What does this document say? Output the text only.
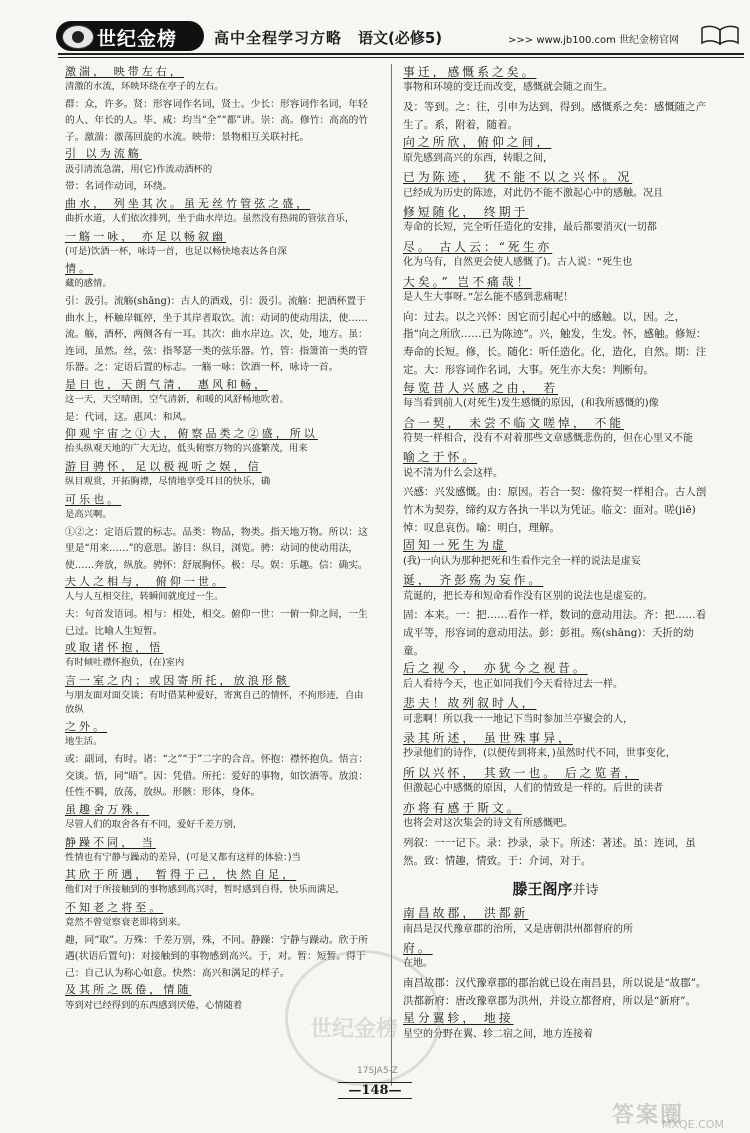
世纪金榜 高中全程学习方略 语文(必修5)	>>> www.jb100.com 世纪金榜官网

激湍， 映带左右，

清激的水流，环映环绕在亭子的左右。

群：众，许多。贤：形容词作名词，贤士。少长：形容词作名词，年轻的人、年长的人。毕、咸：均当“全”“都”讲。崇：高。修竹：高高的竹子。激湍：激荡回旋的水流。映带：景物相互关联衬托。

引 以为流觞

汲引清流急湍，用(它)作流动酒杯的

带：名词作动词，环绕。

曲水， 列坐其次。虽无丝竹管弦之盛，

曲折水道，人们依次排列，坐于曲水岸边。虽然没有热闹的管弦音乐，

一觞一咏， 亦足以畅叙幽

(可是)饮酒一杯，咏诗一首，也足以畅快地表达各自深

情。

藏的感情。

引：汲引。流觞(shāng)：古人的酒戏，引：汲引。流觞：把酒杯置于曲水上，杯触岸辄停，坐于其岸者取饮。流：动词的使动用法，使……流。觞，酒杯，两侧各有一耳。其次：曲水岸边。次，处，地方。虽：连词，虽然。丝，弦：指琴瑟一类的弦乐器。竹，管：指箫笛一类的管乐器。之：定语后置的标志。一觞一咏：饮酒一杯，咏诗一首。

是日也，天朗气清， 惠风和畅，

这一天，天空晴朗，空气清新，和暖的风舒畅地吹着。

是：代词，这。惠风：和风。

仰观宇宙之①大，俯察品类之②盛，所以

抬头纵观天地的广大无边，低头俯察万物的兴盛繁茂，用来

游目骋怀，足以极视听之娱，信

纵目观赏，开拓胸襟，尽情地享受耳目的快乐，确

可乐也。

是高兴啊。

①②之：定语后置的标志。品类：物品，物类。指天地万物。所以：这里是“用来……”的意思。游目：纵目，浏览。骋：动词的使动用法，使……奔放，纵放。骋怀：舒展胸怀。极：尽。娱：乐趣。信：确实。

夫人之相与， 俯仰一世。

人与人互相交往，转瞬间就度过一生。

夫：句首发语词。相与：相处，相交。俯仰一世：一俯一仰之间，一生已过。比喻人生短暂。

或取诸怀抱，悟

有时倾吐襟怀抱负，(在)室内

言一室之内；或因寄所托，放浪形骸

与朋友面对面交谈；有时借某种爱好，寄寓自己的情怀，不拘形迹，自由放纵

之外。

地生活。

或：副词，有时。诸：“之”“于”二字的合音。怀抱：襟怀抱负。悟言：交谈。悟，同“晤”。因：凭借。所托：爱好的事物，如饮酒等。放浪：任性不羁，放荡，放纵。形骸：形体，身体。

虽趣舍万殊，

尽管人们的取舍各有不同，爱好千差万别，

静躁不同， 当

性情也有宁静与躁动的差异，(可是又都有这样的体验：)当

其欣于所遇， 暂得于己，快然自足，

他们对于所接触到的事物感到高兴时，暂时感到自得，快乐而满足，

不知老之将至。

竟然不曾觉察衰老即将到来。

趣，同“取”。万殊：千差万别，殊，不同。静躁：宁静与躁动。欣于所遇(状语后置句)：对接触到的事物感到高兴。于，对。暂：短暂。得于己：自己认为称心如意。快然：高兴和满足的样子。

及其所之既倦，情随

等到对已经得到的东西感到厌倦，心情随着

事迁，感慨系之矣。

事物和环境的变迁而改变，感慨就会随之而生。

及：等到。之：往，引申为达到，得到。感慨系之矣：感慨随之产生了。系，附着，随着。

向之所欣，俯仰之间，

原先感到高兴的东西，转眼之间，

已为陈迹， 犹不能不以之兴怀。况

已经成为历史的陈迹，对此仍不能不激起心中的感触。况且

修短随化， 终期于

寿命的长短，完全听任造化的安排，最后都要消灭(一切都

尽。 古人云：“死生亦

化为乌有，自然更会使人感慨了)。古人说：“死生也

大矣。” 岂不痛哉！

是人生大事呀。”怎么能不感到悲痛呢！

向：过去。以之兴怀：因它而引起心中的感触。以，因。之，指“向之所欣……已为陈迹”。兴，触发，生发。怀，感触。修短：寿命的长短。修，长。随化：听任造化。化，造化，自然。期：注定。大：形容词作名词，大事。死生亦大矣：判断句。

每览昔人兴感之由， 若

每当看到前人(对死生)发生感慨的原因，(和我所感慨的)像

合一契， 未尝不临文嗟悼， 不能

符契一样相合，没有不对着那些文章感慨悲伤的，但在心里又不能

喻之于怀。

说不清为什么会这样。

兴感：兴发感慨。由：原因。若合一契：像符契一样相合。古人剖竹木为契券，缔约双方各执一半以为凭证。临文：面对。嗟(jiē)悼：叹息哀伤。喻：明白，理解。

固知一死生为虚

(我)一向认为那种把死和生看作完全一样的说法是虚妄

诞， 齐彭殇为妄作。

荒诞的，把长寿和短命看作没有区别的说法也是虚妄的。

固：本来。一：把……看作一样，数词的意动用法。齐：把……看成平等，形容词的意动用法。彭：彭祖。殇(shāng)：夭折的幼童。

后之视今， 亦犹今之视昔。

后人看待今天，也正如同我们今天看待过去一样。

悲夫！故列叙时人，

可悲啊！所以我一一地记下当时参加兰亭聚会的人，

录其所述， 虽世殊事异，

抄录他们的诗作，(以便传到将来，)虽然时代不同，世事变化，

所以兴怀， 其致一也。 后之览者，

但激起心中感慨的原因，人们的情致是一样的。后世的读者

亦将有感于斯文。

也将会对这次集会的诗文有所感慨吧。

列叙：一一记下。录：抄录，录下。所述：著述。虽：连词，虽然。致：情趣，情致。于：介词，对于。

滕王阁序并诗

南昌故郡， 洪都新

南昌是汉代豫章郡的治所，又是唐朝洪州都督府的所

府。

在地。

南昌故郡：汉代豫章郡的郡治就已设在南昌县，所以说是“故郡”。洪都新府：唐改豫章郡为洪州，并设立都督府，所以是“新府”。

星分翼轸， 地接

星空的分野在翼、轸二宿之间，地方连接着

世纪金榜
17SJA5-Z
—148—
答案圈
MXQE.COM
